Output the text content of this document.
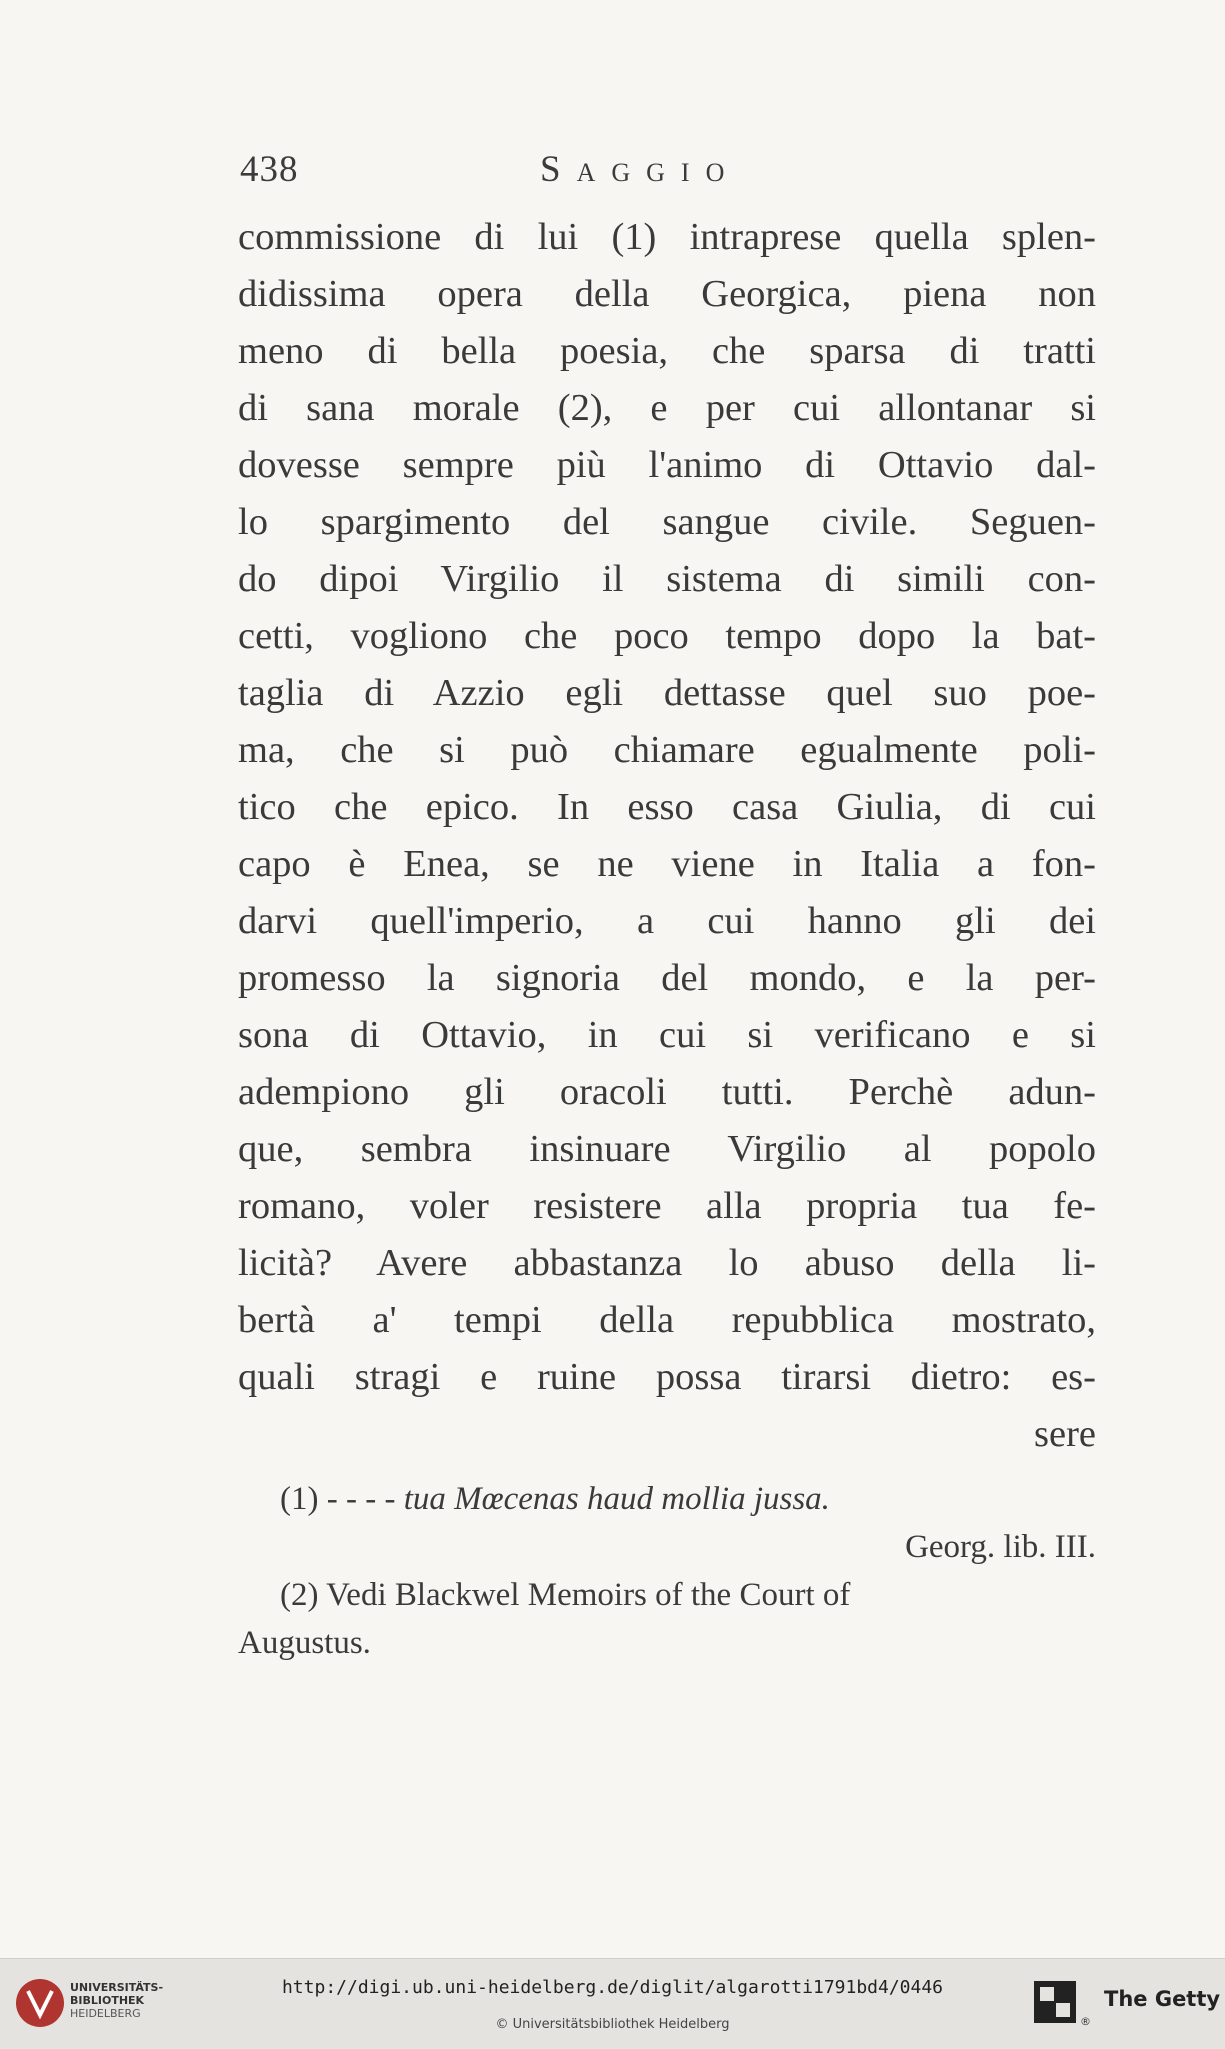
438	Saggio
commissione di lui (1) intraprese quella splen-
didissima opera della Georgica, piena non
meno di bella poesia, che sparsa di tratti
di sana morale (2), e per cui allontanar si
dovesse sempre più l'animo di Ottavio dal-
lo spargimento del sangue civile. Seguen-
do dipoi Virgilio il sistema di simili con-
cetti, vogliono che poco tempo dopo la bat-
taglia di Azzio egli dettasse quel suo poe-
ma, che si può chiamare egualmente poli-
tico che epico. In esso casa Giulia, di cui
capo è Enea, se ne viene in Italia a fon-
darvi quell'imperio, a cui hanno gli dei
promesso la signoria del mondo, e la per-
sona di Ottavio, in cui si verificano e si
adempiono gli oracoli tutti. Perchè adun-
que, sembra insinuare Virgilio al popolo
romano, voler resistere alla propria tua fe-
licità? Avere abbastanza lo abuso della li-
bertà a' tempi della repubblica mostrato,
quali stragi e ruine possa tirarsi dietro: es-
sere
(1) - - - - tua Mœcenas haud mollia jussa.
Georg. lib. III.
(2) Vedi Blackwel Memoirs of the Court of
Augustus.
UNIVERSITÄTS-
BIBLIOTHEK
HEIDELBERG
http://digi.ub.uni-heidelberg.de/diglit/algarotti1791bd4/0446
© Universitätsbibliothek Heidelberg	®
The Getty
